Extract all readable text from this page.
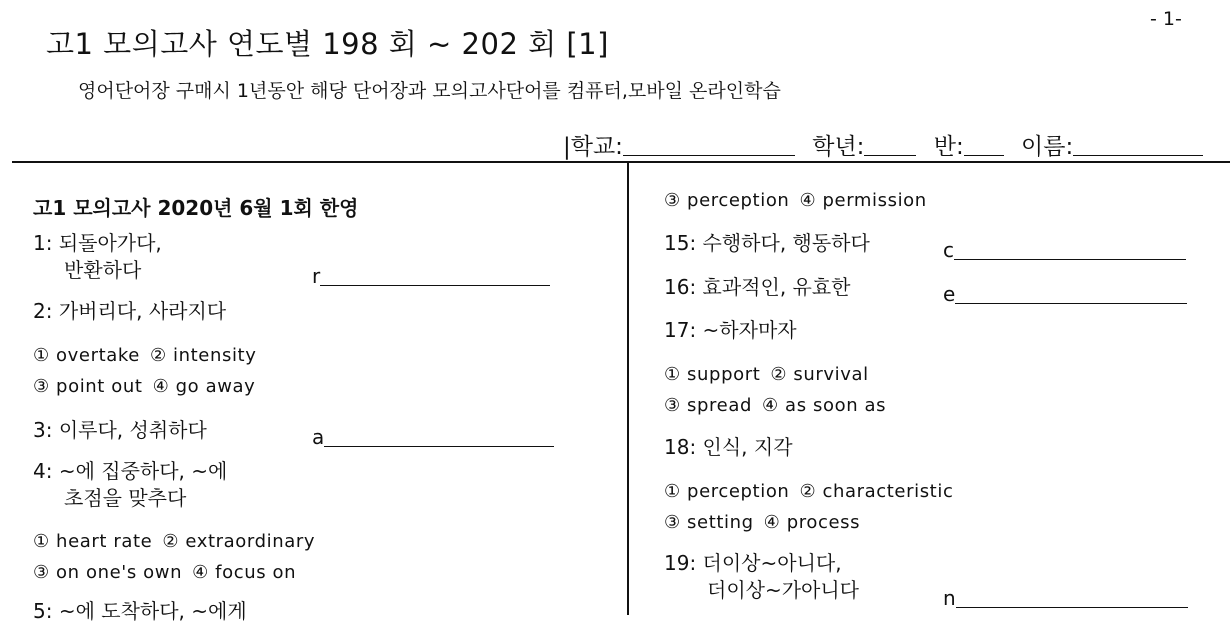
고1 모의고사 연도별 198 회 ~ 202 회 [1]
- 1-
영어단어장 구매시 1년동안 해당 단어장과 모의고사단어를 컴퓨터,모바일 온라인학습
|학교:	학년:	반: 이름:
고1 모의고사 2020년 6월 1회 한영
1: 되돌아가다,
반환하다	r
2: 가버리다, 사라지다
① overtake ② intensity
③ point out ④ go away
3: 이루다, 성취하다	a
4: ~에 집중하다, ~에
초점을 맞추다
① heart rate ② extraordinary
③ on one's own ④ focus on
5: ~에 도착하다, ~에게
③ perception ④ permission
15: 수행하다, 행동하다	c
16: 효과적인, 유효한	e
17: ~하자마자
① support ② survival
③ spread ④ as soon as
18: 인식, 지각
① perception ② characteristic
③ setting ④ process
19: 더이상~아니다,
더이상~가아니다	n
